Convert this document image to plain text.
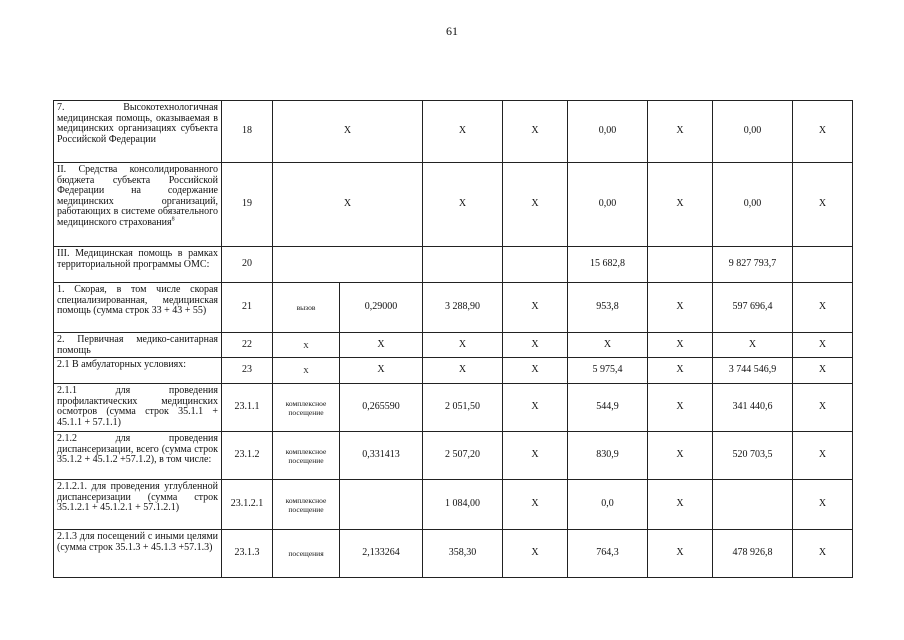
61
7. Высокотехнологичная медицинская помощь, оказываемая в медицинских организациях субъекта Российской Федерации	18	X		X	X	0,00	X	0,00	X	
II. Средства консолидированного бюджета субъекта Российской Федерации на содержание медицинских организаций, работающих в системе обязательного медицинского страхования$^8$	19	X		X	X	0,00	X	0,00	X	
III. Медицинская помощь в рамках территориальной программы ОМС:	20					15 682,8		9 827 793,7		
1. Скорая, в том числе скорая специализированная, медицинская помощь (сумма строк 33 + 43 + 55)	21	вызов	0,29000	3 288,90	X	953,8	X	597 696,4	X	
2. Первичная медико-санитарная помощь	22	X	X	X	X	X	X	X	X	
2.1 В амбулаторных условиях:	23	X	X	X	X	5 975,4	X	3 744 546,9	X	
2.1.1 для проведения профилактических медицинских осмотров (сумма строк 35.1.1 + 45.1.1 + 57.1.1)	23.1.1	комплексное посещение	0,265590	2 051,50	X	544,9	X	341 440,6	X	
2.1.2 для проведения диспансеризации, всего (сумма строк 35.1.2 + 45.1.2 +57.1.2), в том числе:	23.1.2	комплексное посещение	0,331413	2 507,20	X	830,9	X	520 703,5	X	
2.1.2.1. для проведения углубленной диспансеризации (сумма строк 35.1.2.1 + 45.1.2.1 + 57.1.2.1)	23.1.2.1	комплексное посещение		1 084,00	X	0,0	X		X	
2.1.3 для посещений с иными целями (сумма строк 35.1.3 + 45.1.3 +57.1.3)	23.1.3	посещения	2,133264	358,30	X	764,3	X	478 926,8	X	
